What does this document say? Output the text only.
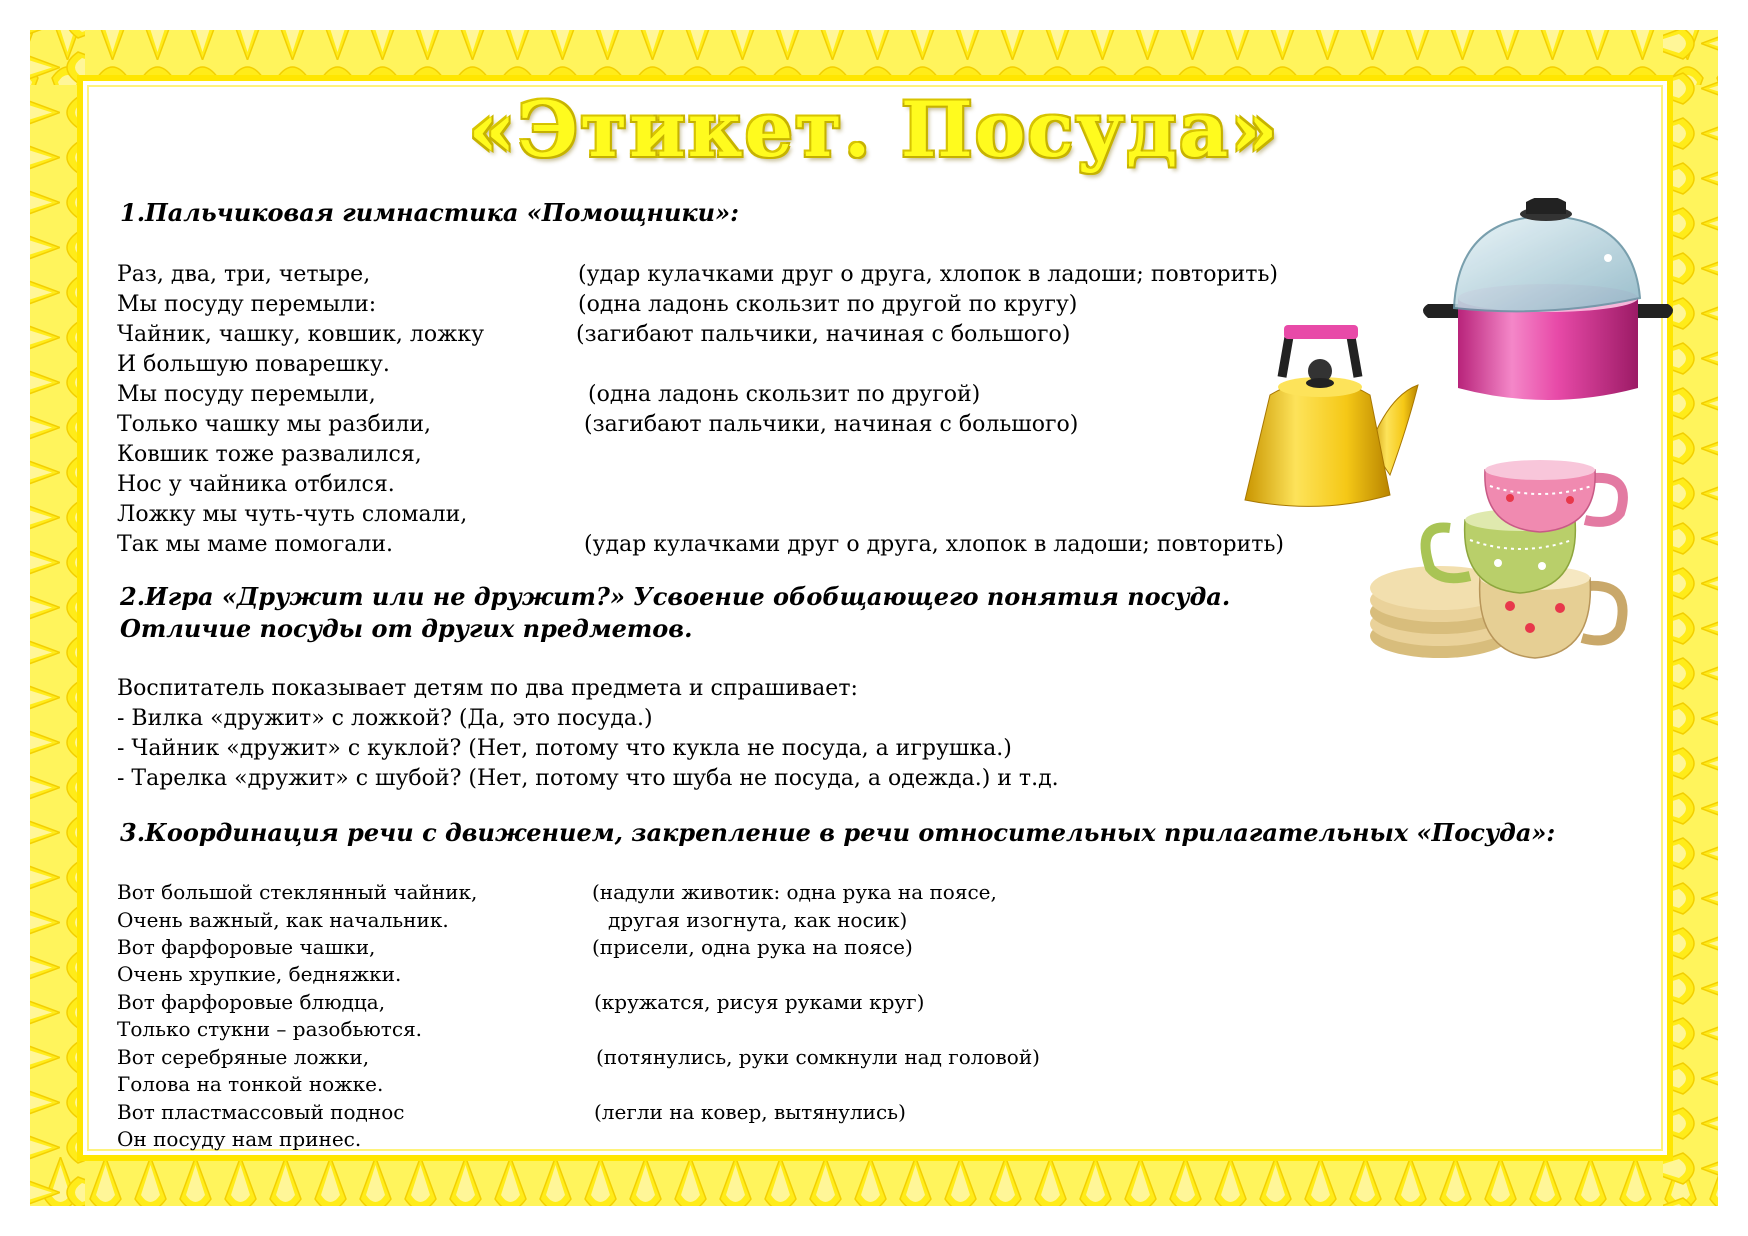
«Этикет. Посуда»
1.Пальчиковая гимнастика «Помощники»:
Раз, два, три, четыре,	(удар кулачками друг о друга, хлопок в ладоши; повторить)
Мы посуду перемыли:	(одна ладонь скользит по другой по кругу)
Чайник, чашку, ковшик, ложку	(загибают пальчики, начиная с большого)
И большую поварешку.
Мы посуду перемыли,	(одна ладонь скользит по другой)
Только чашку мы разбили,	(загибают пальчики, начиная с большого)
Ковшик тоже развалился,
Нос у чайника отбился.
Ложку мы чуть-чуть сломали,
Так мы маме помогали.	(удар кулачками друг о друга, хлопок в ладоши; повторить)
2.Игра «Дружит или не дружит?» Усвоение обобщающего понятия посуда.
Отличие посуды от других предметов.
Воспитатель показывает детям по два предмета и спрашивает:
- Вилка «дружит» с ложкой? (Да, это посуда.)
- Чайник «дружит» с куклой? (Нет, потому что кукла не посуда, а игрушка.)
- Тарелка «дружит» с шубой? (Нет, потому что шуба не посуда, а одежда.) и т.д.
3.Координация речи с движением, закрепление в речи относительных прилагательных «Посуда»:
Вот большой стеклянный чайник,	(надули животик: одна рука на поясе,
Очень важный, как начальник.	другая изогнута, как носик)
Вот фарфоровые чашки,	(присели, одна рука на поясе)
Очень хрупкие, бедняжки.
Вот фарфоровые блюдца,	(кружатся, рисуя руками круг)
Только стукни – разобьются.
Вот серебряные ложки,	(потянулись, руки сомкнули над головой)
Голова на тонкой ножке.
Вот пластмассовый поднос	(легли на ковер, вытянулись)
Он посуду нам принес.
